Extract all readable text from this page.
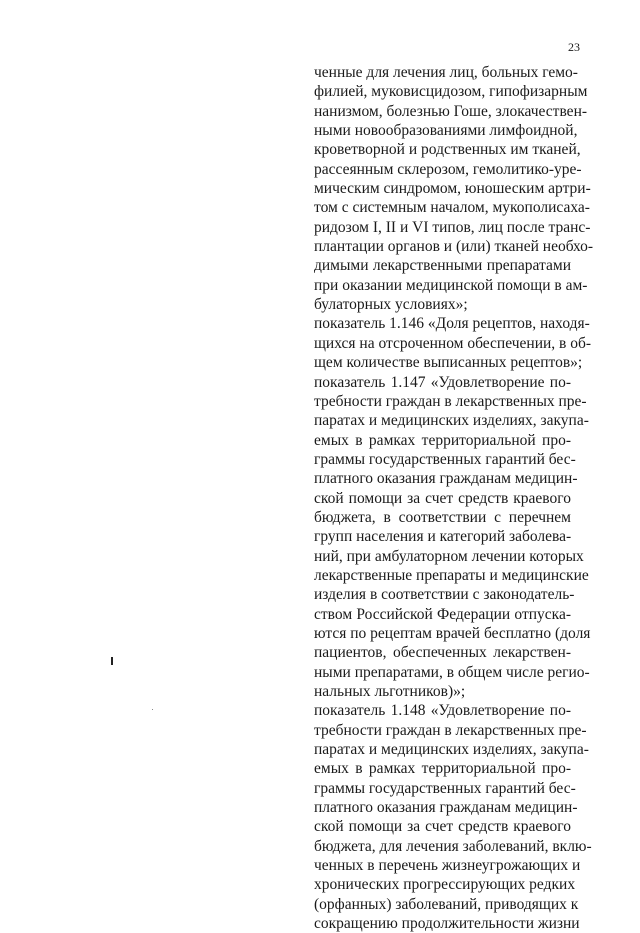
23
ченные для лечения лиц, больных гемо-
филией, муковисцидозом, гипофизарным
нанизмом, болезнью Гоше, злокачествен-
ными новообразованиями лимфоидной,
кроветворной и родственных им тканей,
рассеянным склерозом, гемолитико-уре-
мическим синдромом, юношеским артри-
том с системным началом, мукополисаха-
ридозом I, II и VI типов, лиц после транс-
плантации органов и (или) тканей необхо-
димыми лекарственными препаратами
при оказании медицинской помощи в ам-
булаторных условиях»;
показатель 1.146 «Доля рецептов, находя-
щихся на отсроченном обеспечении, в об-
щем количестве выписанных рецептов»;
показатель 1.147 «Удовлетворение по-
требности граждан в лекарственных пре-
паратах и медицинских изделиях, закупа-
емых в рамках территориальной про-
граммы государственных гарантий бес-
платного оказания гражданам медицин-
ской помощи за счет средств краевого
бюджета, в соответствии с перечнем
групп населения и категорий заболева-
ний, при амбулаторном лечении которых
лекарственные препараты и медицинские
изделия в соответствии с законодатель-
ством Российской Федерации отпуска-
ются по рецептам врачей бесплатно (доля
пациентов, обеспеченных лекарствен-
ными препаратами, в общем числе регио-
нальных льготников)»;
показатель 1.148 «Удовлетворение по-
требности граждан в лекарственных пре-
паратах и медицинских изделиях, закупа-
емых в рамках территориальной про-
граммы государственных гарантий бес-
платного оказания гражданам медицин-
ской помощи за счет средств краевого
бюджета, для лечения заболеваний, вклю-
ченных в перечень жизнеугрожающих и
хронических прогрессирующих редких
(орфанных) заболеваний, приводящих к
сокращению продолжительности жизни
